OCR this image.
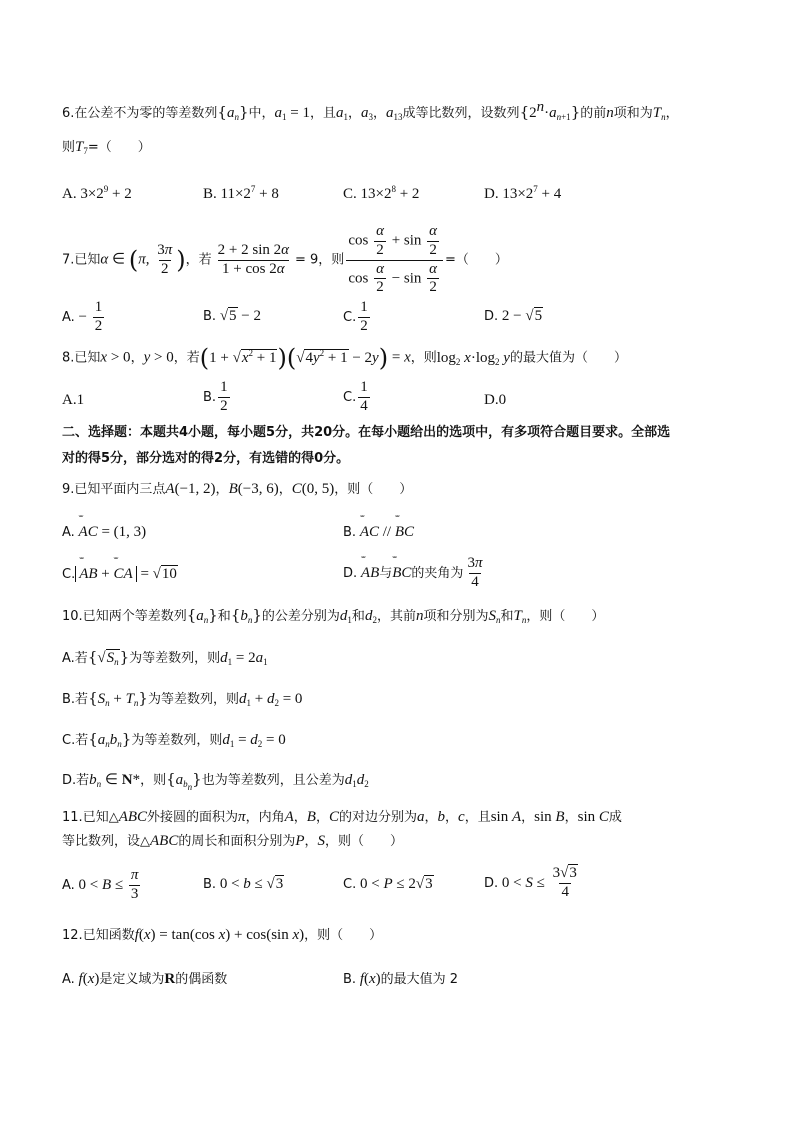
6.在公差不为零的等差数列$\{a_n\}$中，$a_1 = 1$，且$a_1$，$a_3$，$a_{13}$成等比数列，设数列$\{2^n\cdot a_{n+1}\}$的前n项和为$T_n$，
则$T_7=$（　　）
A. $3\times 2^9 + 2$	B. $11\times 2^7 + 8$	C. $13\times 2^8 + 2$	D. $13\times 2^7 + 4$
7.已知α ∈ (π, $\frac{3\pi}{2}$ )，若 $\frac{2 + 2 \sin 2\alpha}{1 + \cos 2\alpha} = 9$，则 $\frac{\cos \frac{\alpha}{2} + \sin \frac{\alpha}{2}}{\cos \frac{\alpha}{2} - \sin \frac{\alpha}{2}}$ =（　　）
A. − $\frac{1}{2}$	B. √5 − 2	C. $\frac{1}{2}$	D. 2 − √5
8.已知x > 0，y > 0，若$(1 + √x^2 + 1)(√4y^2 + 1 - 2y) = x$，则$\log_2 x\cdot\log_2$ y的最大值为（　　）
A.1	B. $\frac{1}{2}$	C. $\frac{1}{4}$	D.0
二、选择题：本题共4小题，每小题5分，共20分。在每小题给出的选项中，有多项符合题目要求。全部选
对的得5分，部分选对的得2分，有选错的得0分。
9.已知平面内三点A(−1, 2)，B(−3, 6)，C(0, 5)，则（　　）
A. ˘˘˘ AC = (1, 3)	B. ˘˘˘ AC // ˘˘˘ BC
C. ˘˘˘ AB + ˘˘˘ CA = √10	D. ˘˘˘ AB与˘˘˘ BC的夹角为 $\frac{3\pi}{4}$
10.已知两个等差数列$\{a_n\}$和$\{b_n\}$的公差分别为$d_1$和$d_2$，其前n项和分别为$S_n$和$T_n$，则（　　）
A.若$\{√S_n\}$为等差数列，则$d_1 = 2a_1$
B.若$\{S_n + T_n\}$为等差数列，则$d_1 + d_2 = 0$
C.若$\{a_nb_n\}$为等差数列，则$d_1 = d_2 = 0$
D.若$b_n$ ∈ N*，则$\{a_{b_n}\}$也为等差数列，且公差为$d_1d_2$
11.已知△ABC外接圆的面积为π，内角A，B，C的对边分别为a，b，c，且sin A，sin B，sin C成
等比数列，设△ABC的周长和面积分别为P，S，则（　　）
A. $0 < B \le \frac{\pi}{3}$	B. 0 < b ≤ √3	C. 0 < P ≤ 2√3	D. $0 < S \le \frac{3√3}{4}$
12.已知函数f(x) = tan(cos x) + cos(sin x)，则（　　）
A. f(x)是定义域为R的偶函数	B. f(x)的最大值为 2
